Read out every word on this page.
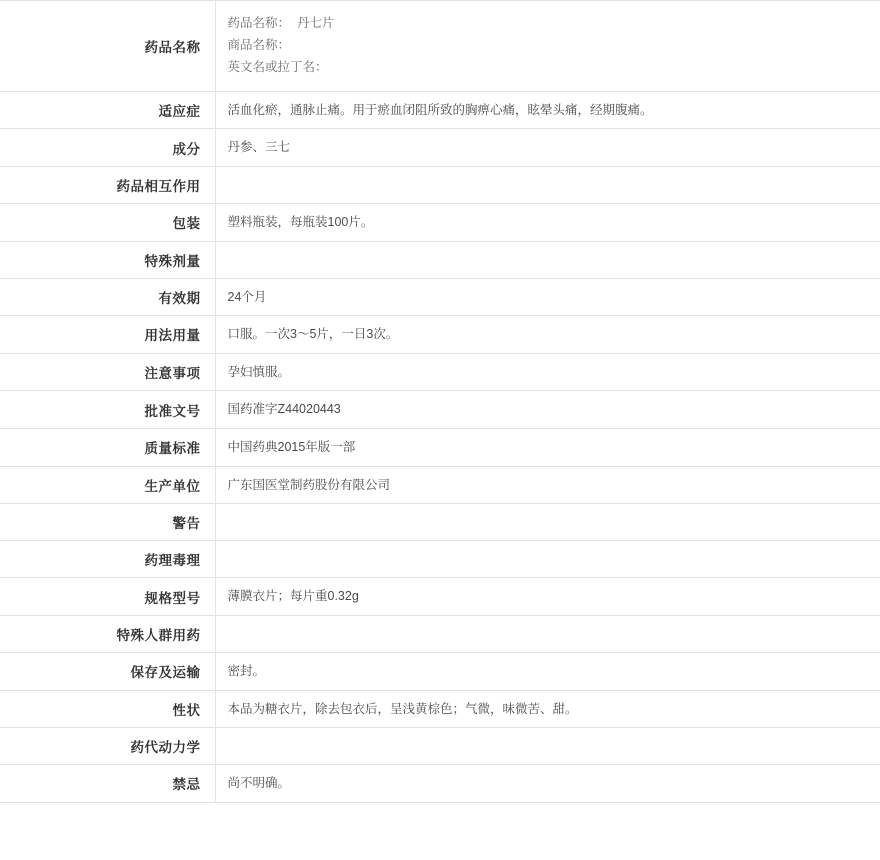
药品名称	药品名称：  丹七片
商品名称：
英文名或拉丁名：

适应症	活血化瘀，通脉止痛。用于瘀血闭阻所致的胸痹心痛，眩晕头痛，经期腹痛。
成分	丹参、三七
药品相互作用	
包装	塑料瓶装，每瓶装100片。
特殊剂量	
有效期	24个月
用法用量	口服。一次3～5片，一日3次。
注意事项	孕妇慎服。
批准文号	国药准字Z44020443
质量标准	中国药典2015年版一部
生产单位	广东国医堂制药股份有限公司
警告	
药理毒理	
规格型号	薄膜衣片；每片重0.32g
特殊人群用药	
保存及运输	密封。
性状	本品为糖衣片，除去包衣后，呈浅黄棕色；气微，味微苦、甜。
药代动力学	
禁忌	尚不明确。
